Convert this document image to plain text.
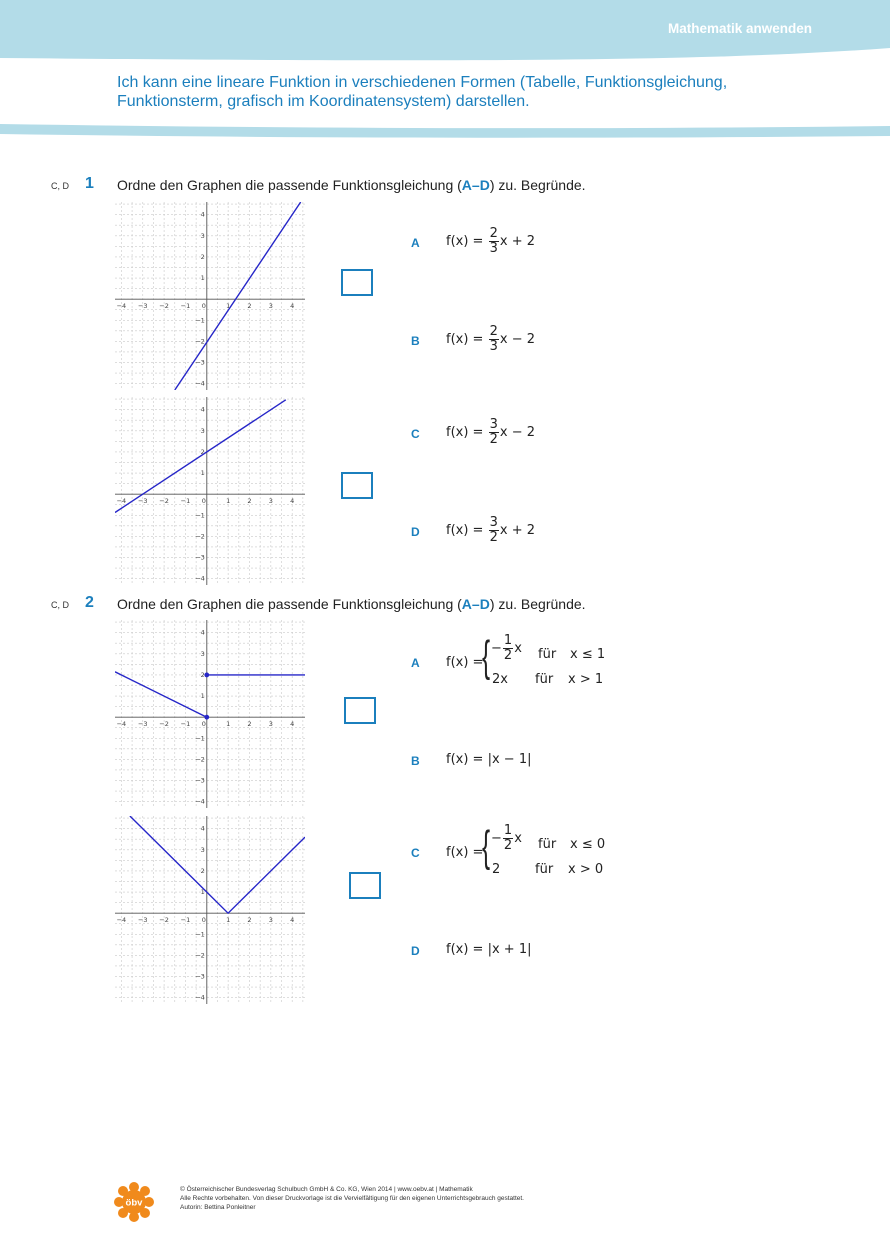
Mathematik anwenden
Ich kann eine lineare Funktion in verschiedenen Formen (Tabelle, Funktionsgleichung, Funktionsterm, grafisch im Koordinatensystem) darstellen.
C, D 1 Ordne den Graphen die passende Funktionsgleichung (A–D) zu. Begründe.
−4 −3 −2 −1 0	1	2	3	4
−4
−3
−2
−1
1
2
3
4
−4 −3 −2 −1 0	1	2	3	4
−4
−3
−2
−1
1
2
3
4
A $f(x) = \frac{2}{3}$ x + 2
B $f(x) = \frac{2}{3}$ x − 2
C $f(x) = \frac{3}{2}$ x − 2
D $f(x) = \frac{3}{2}$ x + 2
C, D 2 Ordne den Graphen die passende Funktionsgleichung (A–D) zu. Begründe.
−4 −3 −2 −1 0	1	2	3	4
−4
−3
−2
−1
1
2
3
4
−4 −3 −2 −1 0	1	2	3	4
−4
−3
−2
−1
1
2
3
4
A f(x) =
{ − $\frac{1}{2}$ x für x ≤ 1
2x für x > 1
B f(x) = |x − 1|
C f(x) =
{ − $\frac{1}{2}$ x für x ≤ 0
2	für x > 0
D f(x) = |x + 1|
öbv
© Österreichischer Bundesverlag Schulbuch GmbH & Co. KG, Wien 2014 | www.oebv.at | Mathematik
Alle Rechte vorbehalten. Von dieser Druckvorlage ist die Vervielfältigung für den eigenen Unterrichtsgebrauch gestattet.
Autorin: Bettina Ponleitner
